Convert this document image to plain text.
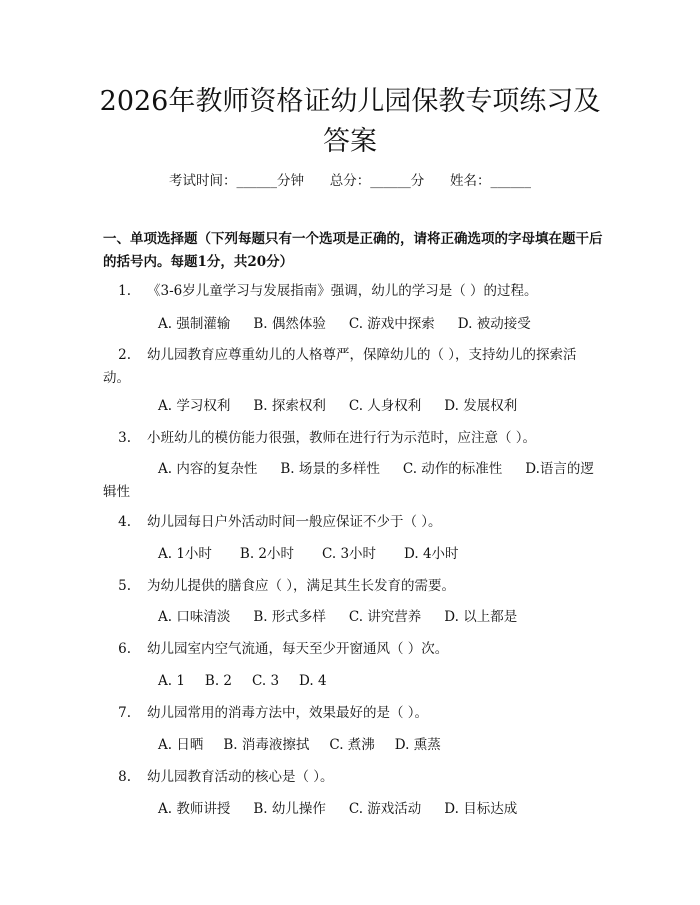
2026年教师资格证幼儿园保教专项练习及答案
考试时间：______分钟      总分：______分      姓名：______

一、单项选择题（下列每题只有一个选项是正确的，请将正确选项的字母填在题干后的括号内。每题1分，共20分）

1. 《3-6岁儿童学习与发展指南》强调，幼儿的学习是（ ）的过程。

A. 强制灌输 B. 偶然体验 C. 游戏中探索 D. 被动接受

2. 幼儿园教育应尊重幼儿的人格尊严，保障幼儿的（ ），支持幼儿的探索活动。

A. 学习权利 B. 探索权利 C. 人身权利 D. 发展权利

3. 小班幼儿的模仿能力很强，教师在进行行为示范时，应注意（ ）。

A. 内容的复杂性 B. 场景的多样性 C. 动作的标准性 D.语言的逻辑性

4. 幼儿园每日户外活动时间一般应保证不少于（ ）。

A. 1小时 B. 2小时 C. 3小时 D. 4小时

5. 为幼儿提供的膳食应（ ），满足其生长发育的需要。

A. 口味清淡 B. 形式多样 C. 讲究营养 D. 以上都是

6. 幼儿园室内空气流通，每天至少开窗通风（ ）次。

A. 1 B. 2 C. 3 D. 4

7. 幼儿园常用的消毒方法中，效果最好的是（ ）。

A. 日晒 B. 消毒液擦拭 C. 煮沸 D. 熏蒸

8. 幼儿园教育活动的核心是（ ）。

A. 教师讲授 B. 幼儿操作 C. 游戏活动 D. 目标达成
